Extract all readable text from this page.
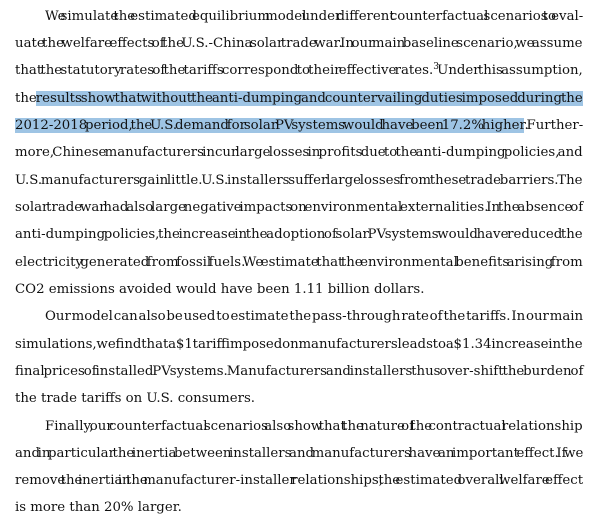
We simulate the estimated equilibrium model under different counterfactual scenarios to eval-
uate the welfare effects of the U.S.-China solar trade war. In our main baseline scenario, we assume
that the statutory rates of the tariffs correspond to their effective rates.$^3$ Under this assumption,
the results show that without the anti-dumping and countervailing duties imposed during the
2012-2018 period, the U.S. demand for solar PV systems would have been 17.2% higher. Further-
more, Chinese manufacturers incur large losses in profits due to the anti-dumping policies, and
U.S. manufacturers gain little. U.S. installers suffer large losses from these trade barriers. The
solar trade war had also large negative impacts on environmental externalities. In the absence of
anti-dumping policies, the increase in the adoption of solar PV systems would have reduced the
electricity generated from fossil fuels. We estimate that the environmental benefits arising from
CO2 emissions avoided would have been 1.11 billion dollars.
Our model can also be used to estimate the pass-through rate of the tariffs. In our main
simulations, we find that a $1 tariff imposed on manufacturers leads to a $1.34 increase in the
final prices of installed PV systems. Manufacturers and installers thus over-shift the burden of
the trade tariffs on U.S. consumers.
Finally, our counterfactual scenarios also show that the nature of the contractual relationship
and in particular the inertia between installers and manufacturers have an important effect. If we
remove the inertia in the manufacturer-installer relationships, the estimated overall welfare effect
is more than 20% larger.
